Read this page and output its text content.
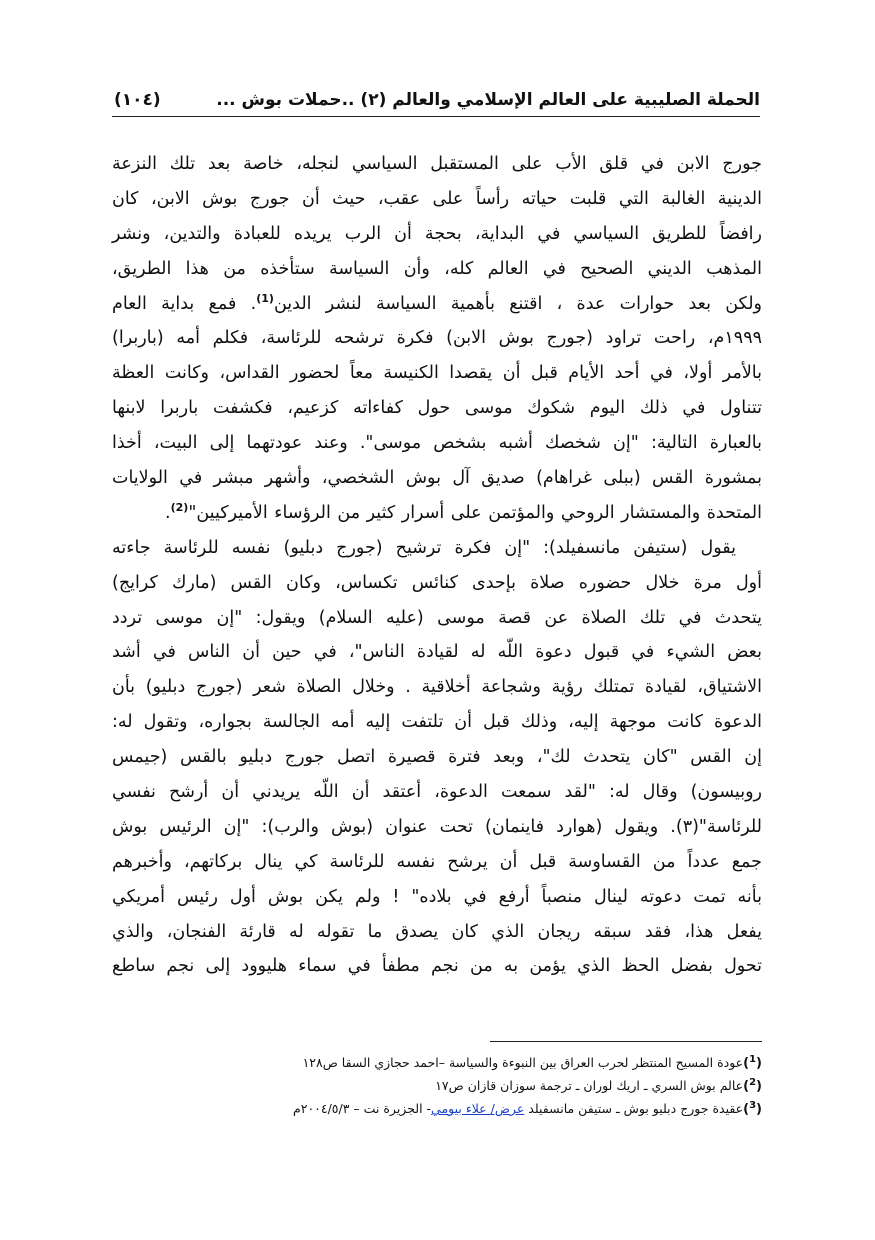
الحملة الصليبية على العالم الإسلامي والعالم (٢) ..حملات بوش ...
(١٠٤)
جورج الابن في قلق الأب على المستقبل السياسي لنجله، خاصة بعد تلك النزعة
الدينية الغالبة التي قلبت حياته رأساً على عقب، حيث أن جورج بوش الابن، كان
رافضاً للطريق السياسي في البداية، بحجة أن الرب يريده للعبادة والتدين، ونشر
المذهب الديني الصحيح في العالم كله، وأن السياسة ستأخذه من هذا الطريق،
ولكن بعد حوارات عدة ، اقتنع بأهمية السياسة لنشر الدين$^{(1)}$. فمع بداية العام
١٩٩٩م، راحت تراود (جورج بوش الابن) فكرة ترشحه للرئاسة، فكلم أمه (باربرا)
بالأمر أولا، في أحد الأيام قبل أن يقصدا الكنيسة معاً لحضور القداس، وكانت العظة
تتناول في ذلك اليوم شكوك موسى حول كفاءاته كزعيم، فكشفت باربرا لابنها
بالعبارة التالية: "إن شخصك أشبه بشخص موسى". وعند عودتهما إلى البيت، أخذا
بمشورة القس (ببلى غراهام) صديق آل بوش الشخصي، وأشهر مبشر في الولايات
المتحدة والمستشار الروحي والمؤتمن على أسرار كثير من الرؤساء الأميركيين"$^{(2)}$.
يقول (ستيفن مانسفيلد): "إن فكرة ترشيح (جورج دبليو) نفسه للرئاسة جاءته
أول مرة خلال حضوره صلاة بإحدى كنائس تكساس، وكان القس (مارك كرايج)
يتحدث في تلك الصلاة عن قصة موسى (عليه السلام) ويقول: "إن موسى تردد
بعض الشيء في قبول دعوة اللّه له لقيادة الناس"، في حين أن الناس في أشد
الاشتياق، لقيادة تمتلك رؤية وشجاعة أخلاقية . وخلال الصلاة شعر (جورج دبليو) بأن
الدعوة كانت موجهة إليه، وذلك قبل أن تلتفت إليه أمه الجالسة بجواره، وتقول له:
إن القس "كان يتحدث لك"، وبعد فترة قصيرة اتصل جورج دبليو بالقس (جيمس
روبيسون) وقال له: "لقد سمعت الدعوة، أعتقد أن اللّه يريدني أن أرشح نفسي
للرئاسة"(٣). ويقول (هوارد فاينمان) تحت عنوان (بوش والرب): "إن الرئيس بوش
جمع عدداً من القساوسة قبل أن يرشح نفسه للرئاسة كي ينال بركاتهم، وأخبرهم
بأنه تمت دعوته لينال منصباً أرفع في بلاده" ! ولم يكن بوش أول رئيس أمريكي
يفعل هذا، فقد سبقه ريجان الذي كان يصدق ما تقوله له قارئة الفنجان، والذي
تحول بفضل الحظ الذي يؤمن به من نجم مطفأ في سماء هليوود إلى نجم ساطع
($^1$)عودة المسيح المنتظر لحرب العراق بين النبوءة والسياسة –احمد حجازي السقا ص١٢٨
($^2$)عالم بوش السري ـ اريك لوران ـ ترجمة سوزان قازان ص١٧
($^3$)عقيدة جورج دبليو بوش ـ ستيفن مانسفيلد عرض/ علاء بيومي- الجزيرة نت – ٢٠٠٤/٥/٣م
